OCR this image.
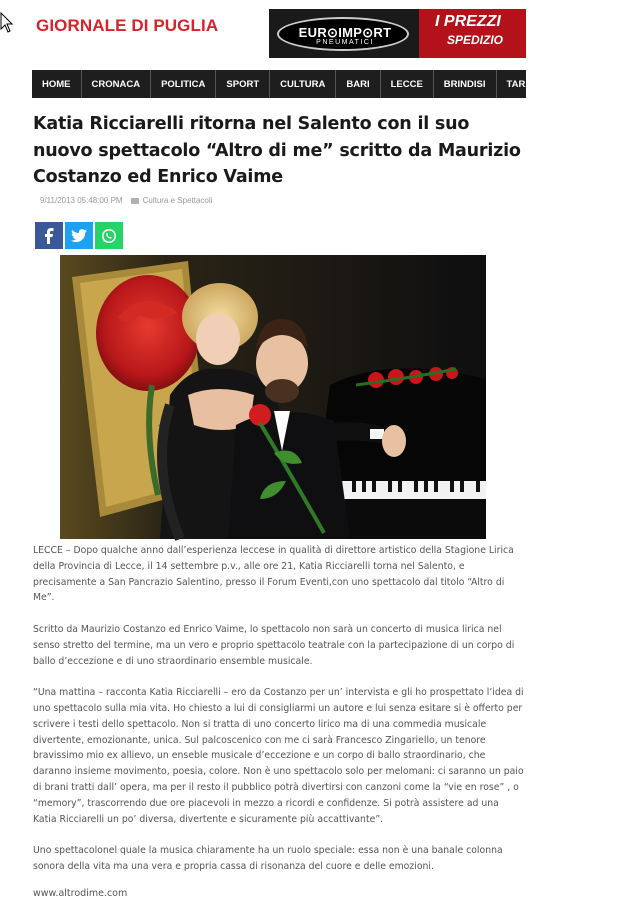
GIORNALE DI PUGLIA	EUR⊙IMP⊙RT
PNEUMATICI
I PREZZI
SPEDIZIO
HOME	CRONACA	POLITICA	SPORT	CULTURA	BARI	LECCE	BRINDISI	TARANTO
Katia Ricciarelli ritorna nel Salento con il suo nuovo spettacolo “Altro di me” scritto da Maurizio Costanzo ed Enrico Vaime
9/11/2013 05:48:00 PM	Cultura e Spettacoli

LECCE – Dopo qualche anno dall’esperienza leccese in qualità di direttore artistico della Stagione Lirica della Provincia di Lecce, il 14 settembre p.v., alle ore 21, Katia Ricciarelli torna nel Salento, e precisamente a San Pancrazio Salentino, presso il Forum Eventi,con uno spettacolo dal titolo “Altro di Me”.

Scritto da Maurizio Costanzo ed Enrico Vaime, lo spettacolo non sarà un concerto di musica lirica nel senso stretto del termine, ma un vero e proprio spettacolo teatrale con la partecipazione di un corpo di ballo d’eccezione e di uno straordinario ensemble musicale.

“Una mattina – racconta Katia Ricciarelli – ero da Costanzo per un’ intervista e gli ho prospettato l’idea di uno spettacolo sulla mia vita. Ho chiesto a lui di consigliarmi un autore e lui senza esitare si è offerto per scrivere i testi dello spettacolo. Non si tratta di uno concerto lirico ma di una commedia musicale divertente, emozionante, unica. Sul palcoscenico con me ci sarà Francesco Zingariello, un tenore bravissimo mio ex allievo, un enseble musicale d’eccezione e un corpo di ballo straordinario, che daranno insieme movimento, poesia, colore. Non è uno spettacolo solo per melomani: ci saranno un paio di brani tratti dall’ opera, ma per il resto il pubblico potrà divertirsi con canzoni come la “vie en rose” , o “memory”, trascorrendo due ore piacevoli in mezzo a ricordi e confidenze. Si potrà assistere ad una Katia Ricciarelli un po’ diversa, divertente e sicuramente più accattivante”.

Uno spettacolonel quale la musica chiaramente ha un ruolo speciale: essa non è una banale colonna sonora della vita ma una vera e propria cassa di risonanza del cuore e delle emozioni.

www.altrodime.com
